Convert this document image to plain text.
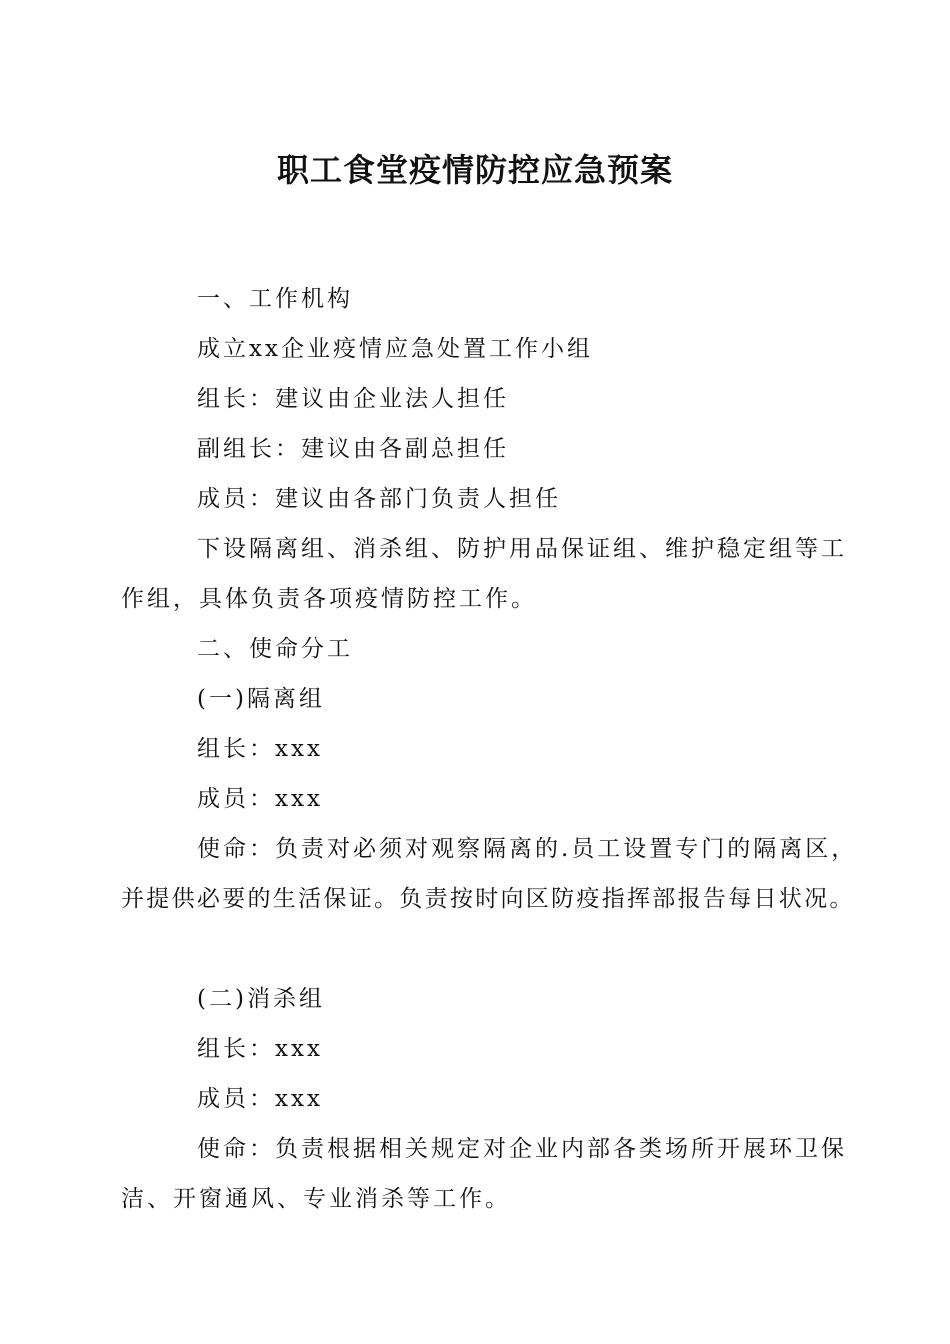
职工食堂疫情防控应急预案

一、工作机构

成立xx企业疫情应急处置工作小组

组长：建议由企业法人担任

副组长：建议由各副总担任

成员：建议由各部门负责人担任

下设隔离组、消杀组、防护用品保证组、维护稳定组等工

作组，具体负责各项疫情防控工作。

二、使命分工

(一)隔离组

组长：xxx

成员：xxx

使命：负责对必须对观察隔离的.员工设置专门的隔离区，

并提供必要的生活保证。负责按时向区防疫指挥部报告每日状况。

(二)消杀组

组长：xxx

成员：xxx

使命：负责根据相关规定对企业内部各类场所开展环卫保

洁、开窗通风、专业消杀等工作。
